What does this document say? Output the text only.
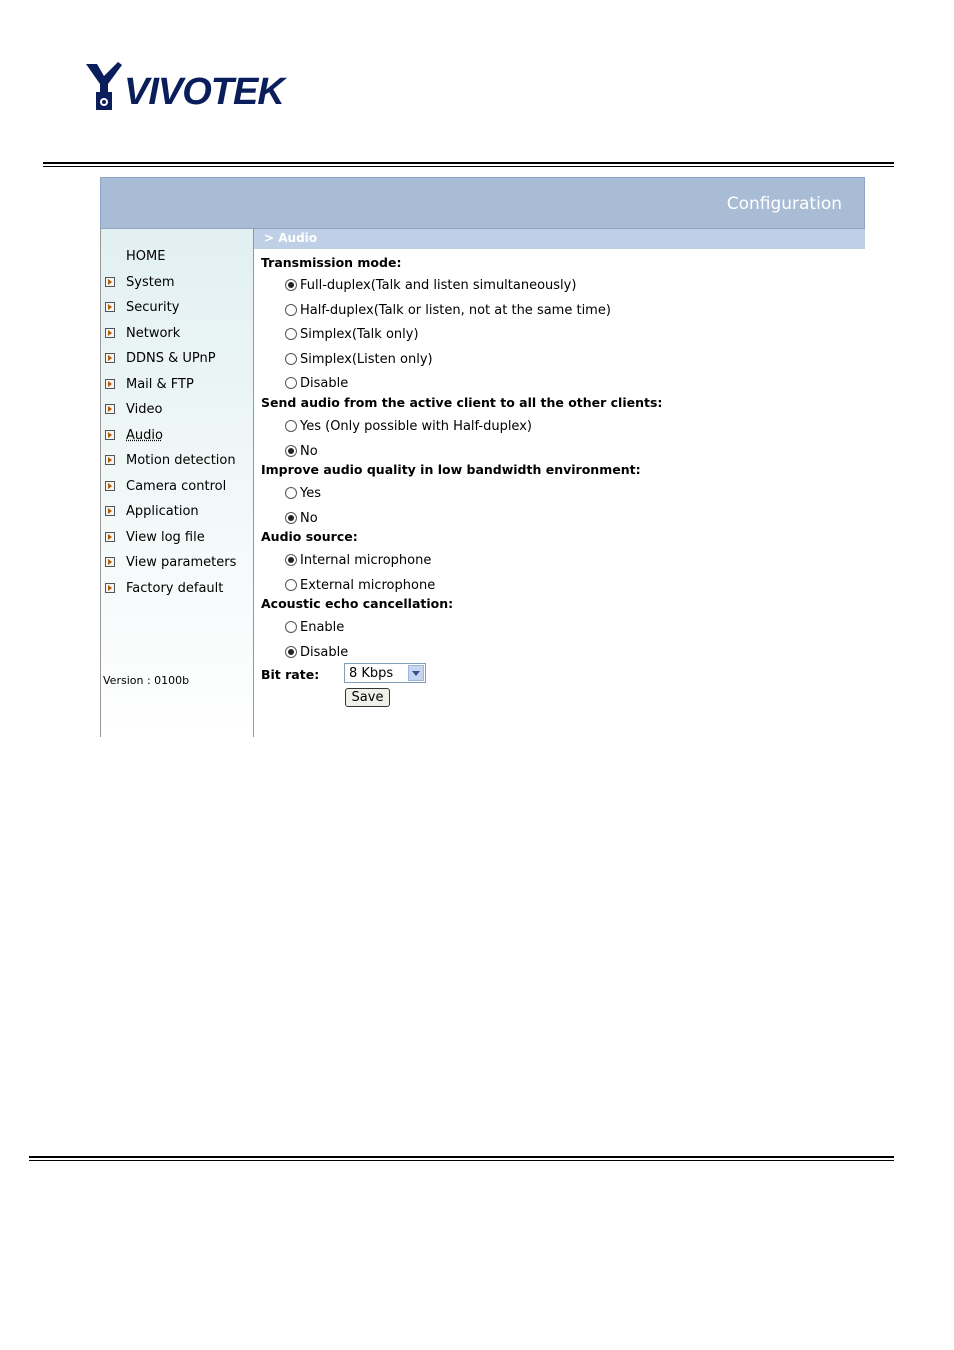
VIVOTEK
Configuration
HOME
System
Security
Network
DDNS & UPnP
Mail & FTP
Video
Audio
Motion detection
Camera control
Application
View log file
View parameters
Factory default
Version : 0100b
> Audio
Transmission mode:
Full-duplex(Talk and listen simultaneously)
Half-duplex(Talk or listen, not at the same time)
Simplex(Talk only)
Simplex(Listen only)
Disable
Send audio from the active client to all the other clients:
Yes (Only possible with Half-duplex)
No
Improve audio quality in low bandwidth environment:
Yes
No
Audio source:
Internal microphone
External microphone
Acoustic echo cancellation:
Enable
Disable
Bit rate:	8 Kbps
Save
